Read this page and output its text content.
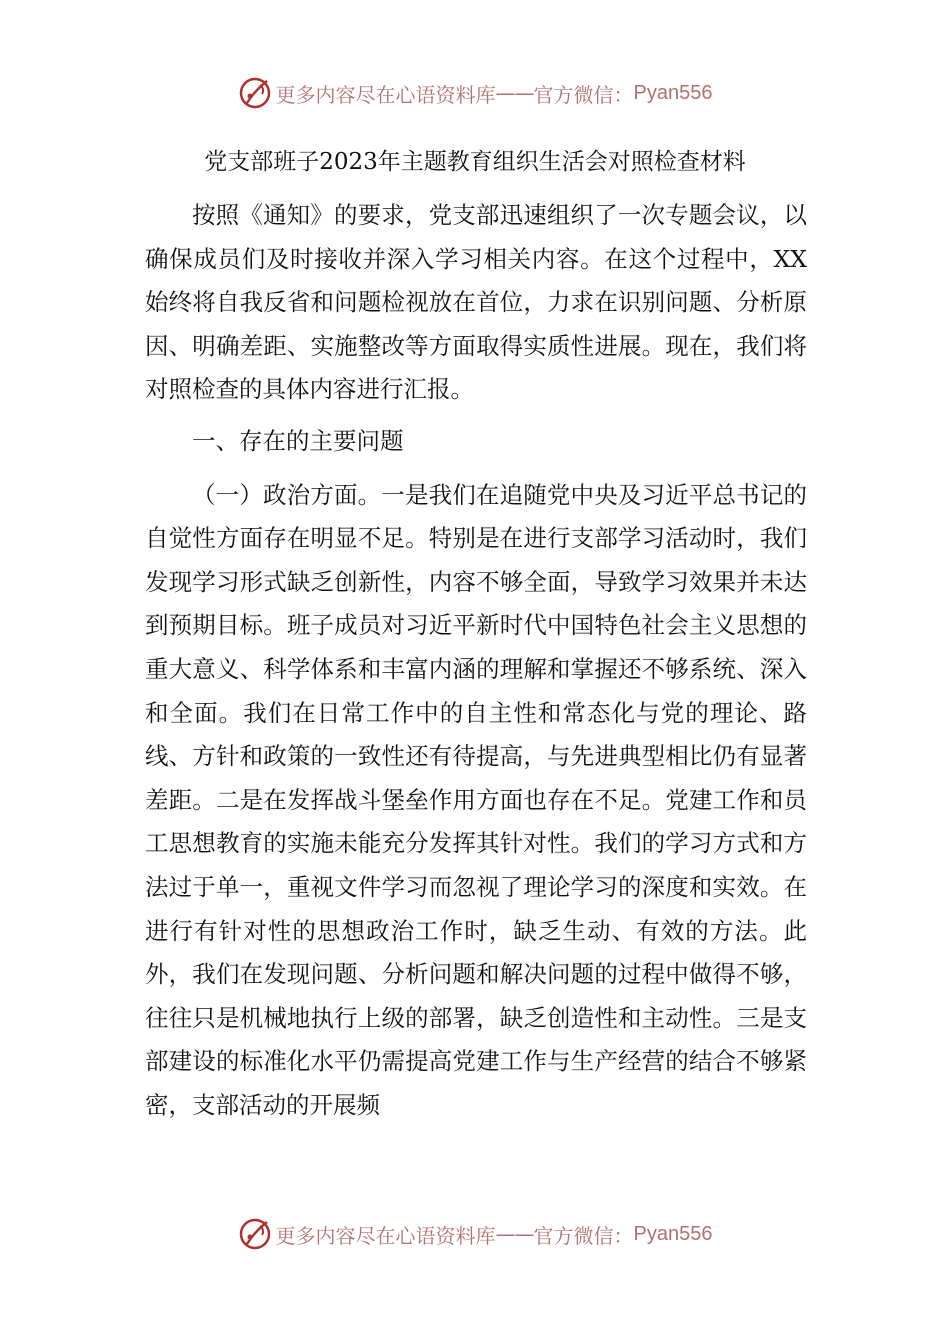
更多内容尽在心语资料库 —— 官方微信： Pyan556
党支部班子2023年主题教育组织生活会对照检查材料

按照《通知》的要求，党支部迅速组织了一次专题会议，以确保成员们及时接收并深入学习相关内容。在这个过程中，XX始终将自我反省和问题检视放在首位，力求在识别问题、分析原因、明确差距、实施整改等方面取得实质性进展。现在，我们将对照检查的具体内容进行汇报。

一、存在的主要问题

（一）政治方面。一是我们在追随党中央及习近平总书记的自觉性方面存在明显不足。特别是在进行支部学习活动时，我们发现学习形式缺乏创新性，内容不够全面，导致学习效果并未达到预期目标。班子成员对习近平新时代中国特色社会主义思想的重大意义、科学体系和丰富内涵的理解和掌握还不够系统、深入和全面。我们在日常工作中的自主性和常态化与党的理论、路线、方针和政策的一致性还有待提高，与先进典型相比仍有显著差距。二是在发挥战斗堡垒作用方面也存在不足。党建工作和员工思想教育的实施未能充分发挥其针对性。我们的学习方式和方法过于单一，重视文件学习而忽视了理论学习的深度和实效。在进行有针对性的思想政治工作时，缺乏生动、有效的方法。此外，我们在发现问题、分析问题和解决问题的过程中做得不够，往往只是机械地执行上级的部署，缺乏创造性和主动性。三是支部建设的标准化水平仍需提高党建工作与生产经营的结合不够紧密，支部活动的开展频

更多内容尽在心语资料库 —— 官方微信： Pyan556
